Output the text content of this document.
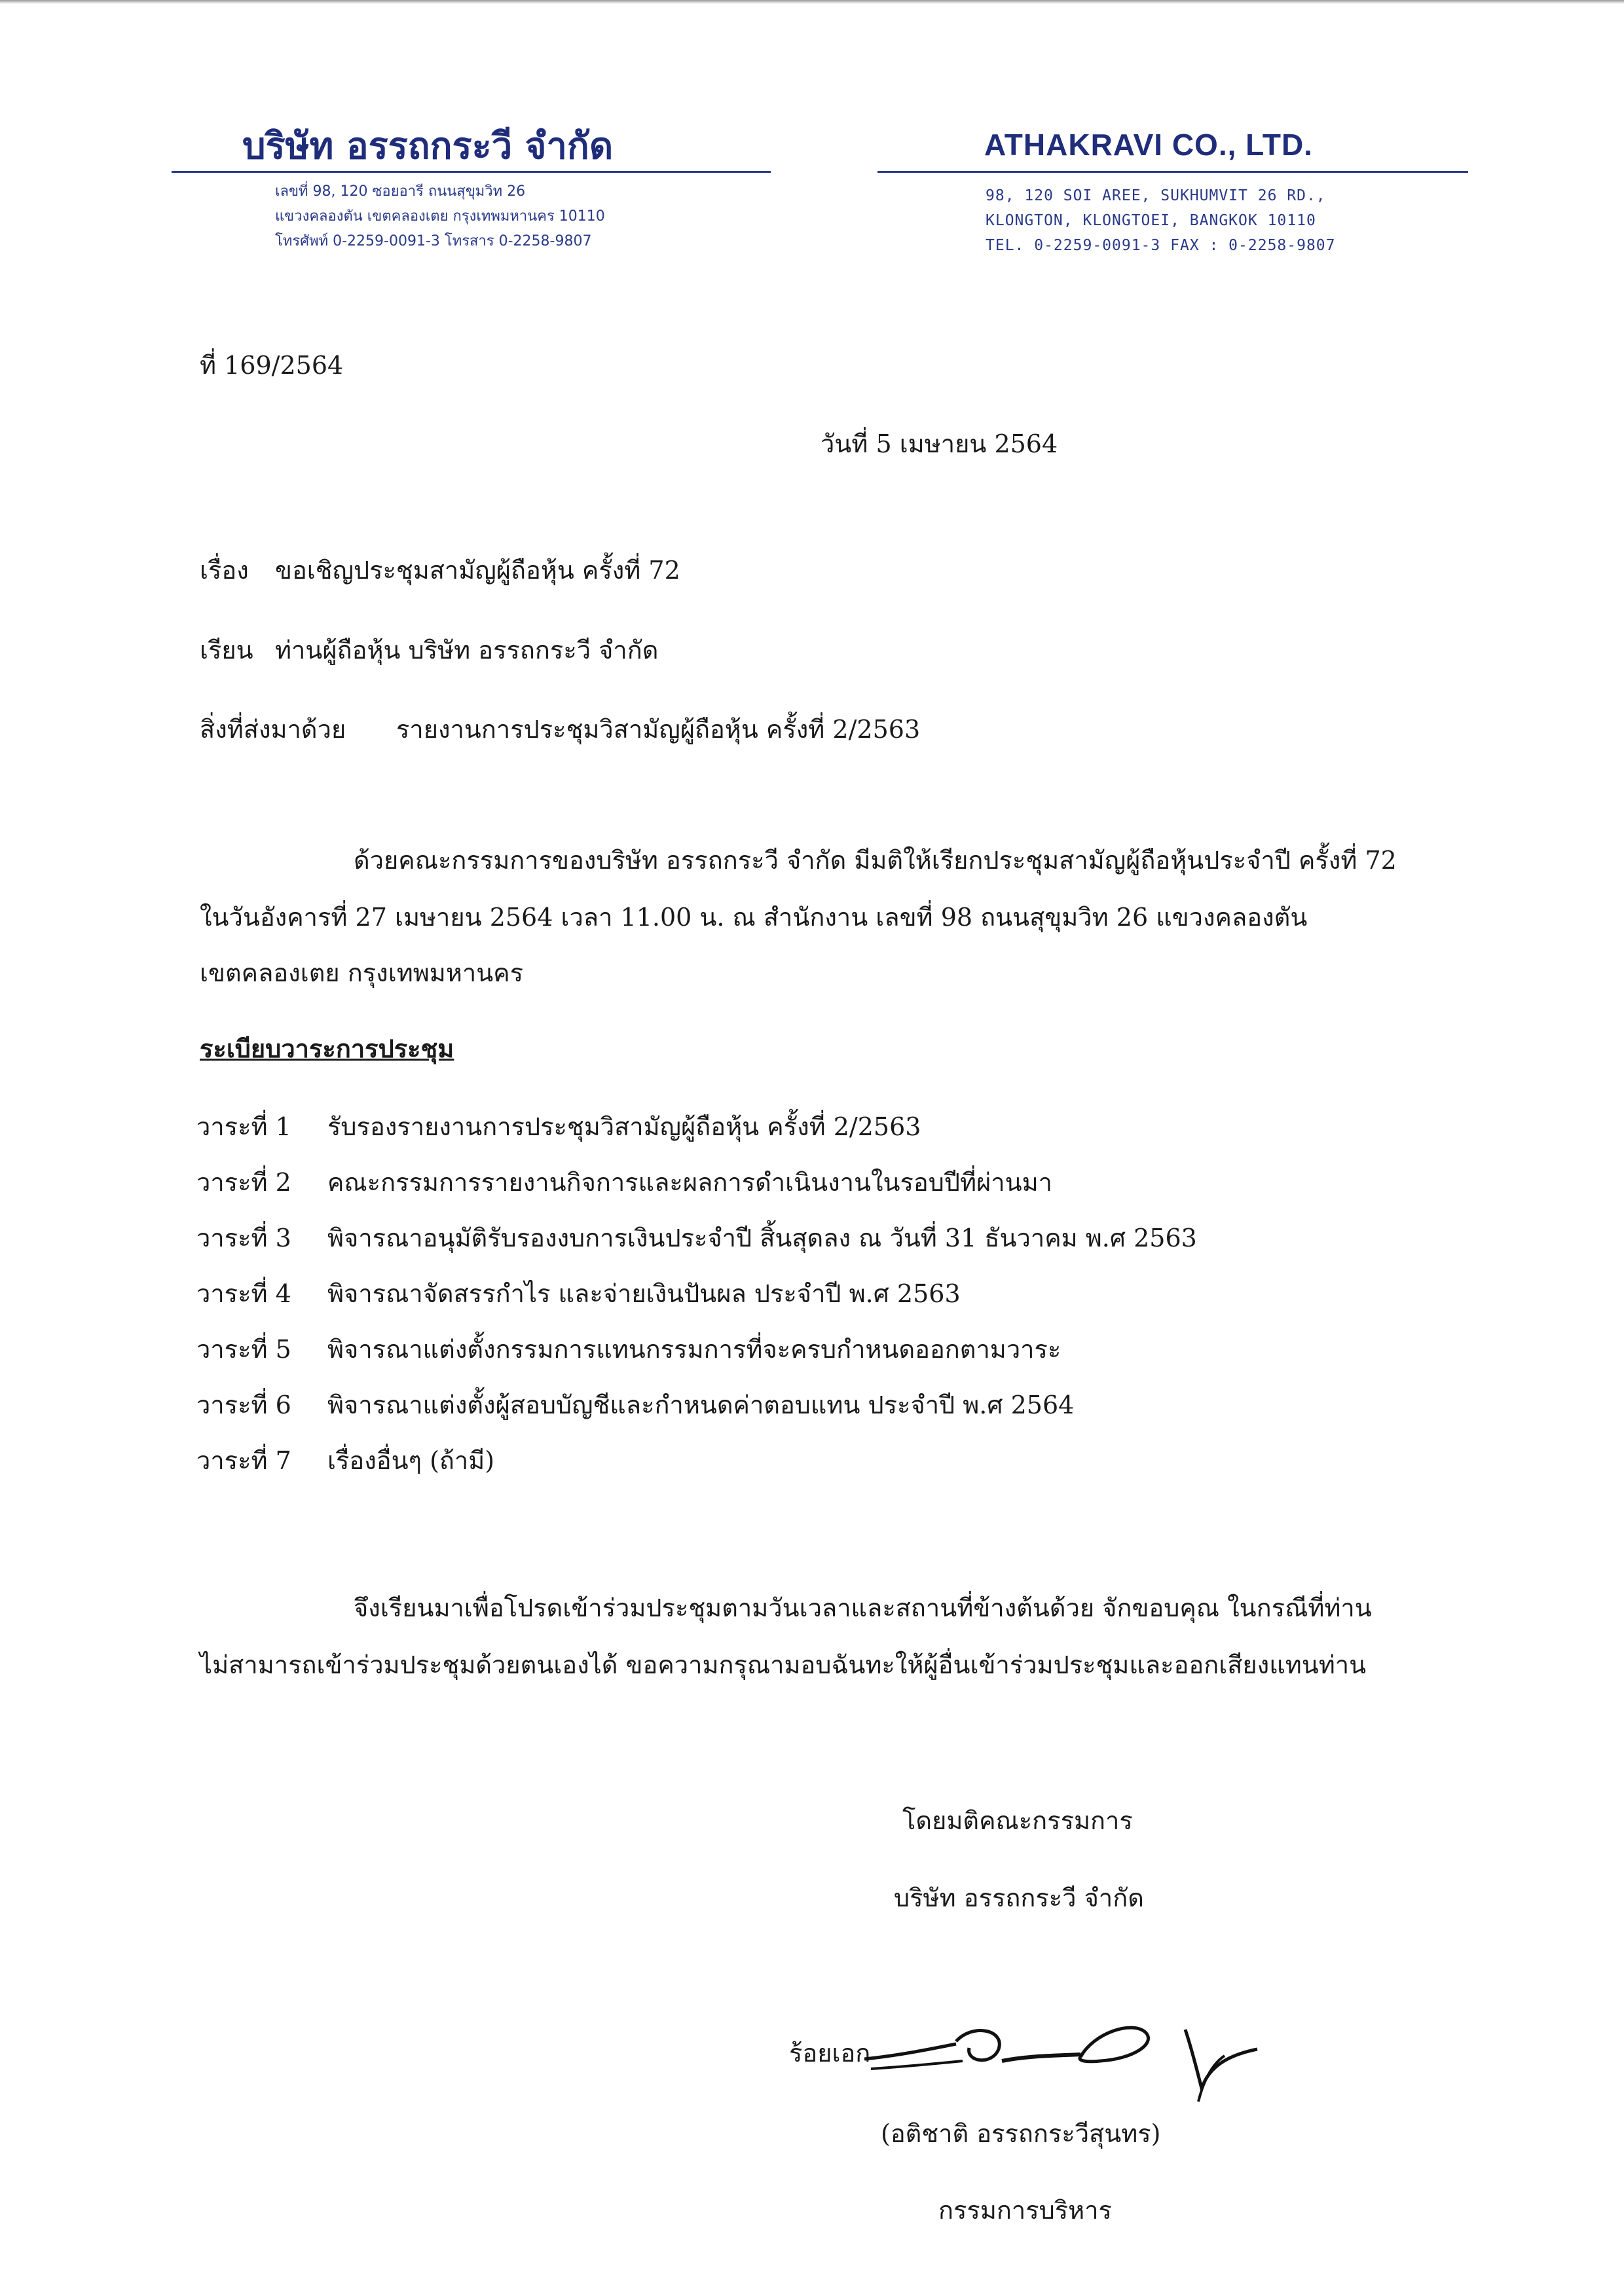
บริษัท อรรถกระวี จำกัด
เลขที่ 98, 120 ซอยอารี ถนนสุขุมวิท 26
แขวงคลองตัน เขตคลองเตย กรุงเทพมหานคร 10110
โทรศัพท์ 0-2259-0091-3 โทรสาร 0-2258-9807
ATHAKRAVI CO., LTD.
98, 120 SOI AREE, SUKHUMVIT 26 RD.,
KLONGTON, KLONGTOEI, BANGKOK 10110
TEL. 0-2259-0091-3 FAX : 0-2258-9807
ที่ 169/2564
วันที่ 5 เมษายน 2564
เรื่อง ขอเชิญประชุมสามัญผู้ถือหุ้น ครั้งที่ 72
เรียน ท่านผู้ถือหุ้น บริษัท อรรถกระวี จำกัด
สิ่งที่ส่งมาด้วย รายงานการประชุมวิสามัญผู้ถือหุ้น ครั้งที่ 2/2563
ด้วยคณะกรรมการของบริษัท อรรถกระวี จำกัด มีมติให้เรียกประชุมสามัญผู้ถือหุ้นประจำปี ครั้งที่ 72
ในวันอังคารที่ 27 เมษายน 2564 เวลา 11.00 น. ณ สำนักงาน เลขที่ 98 ถนนสุขุมวิท 26 แขวงคลองตัน
เขตคลองเตย กรุงเทพมหานคร
ระเบียบวาระการประชุม
วาระที่ 1	รับรองรายงานการประชุมวิสามัญผู้ถือหุ้น ครั้งที่ 2/2563
วาระที่ 2	คณะกรรมการรายงานกิจการและผลการดำเนินงานในรอบปีที่ผ่านมา
วาระที่ 3	พิจารณาอนุมัติรับรองงบการเงินประจำปี สิ้นสุดลง ณ วันที่ 31 ธันวาคม พ.ศ 2563
วาระที่ 4	พิจารณาจัดสรรกำไร และจ่ายเงินปันผล ประจำปี พ.ศ 2563
วาระที่ 5	พิจารณาแต่งตั้งกรรมการแทนกรรมการที่จะครบกำหนดออกตามวาระ
วาระที่ 6	พิจารณาแต่งตั้งผู้สอบบัญชีและกำหนดค่าตอบแทน ประจำปี พ.ศ 2564
วาระที่ 7	เรื่องอื่นๆ (ถ้ามี)
จึงเรียนมาเพื่อโปรดเข้าร่วมประชุมตามวันเวลาและสถานที่ข้างต้นด้วย จักขอบคุณ ในกรณีที่ท่าน
ไม่สามารถเข้าร่วมประชุมด้วยตนเองได้ ขอความกรุณามอบฉันทะให้ผู้อื่นเข้าร่วมประชุมและออกเสียงแทนท่าน
โดยมติคณะกรรมการ
บริษัท อรรถกระวี จำกัด
ร้อยเอก
(อติชาติ อรรถกระวีสุนทร)
กรรมการบริหาร
